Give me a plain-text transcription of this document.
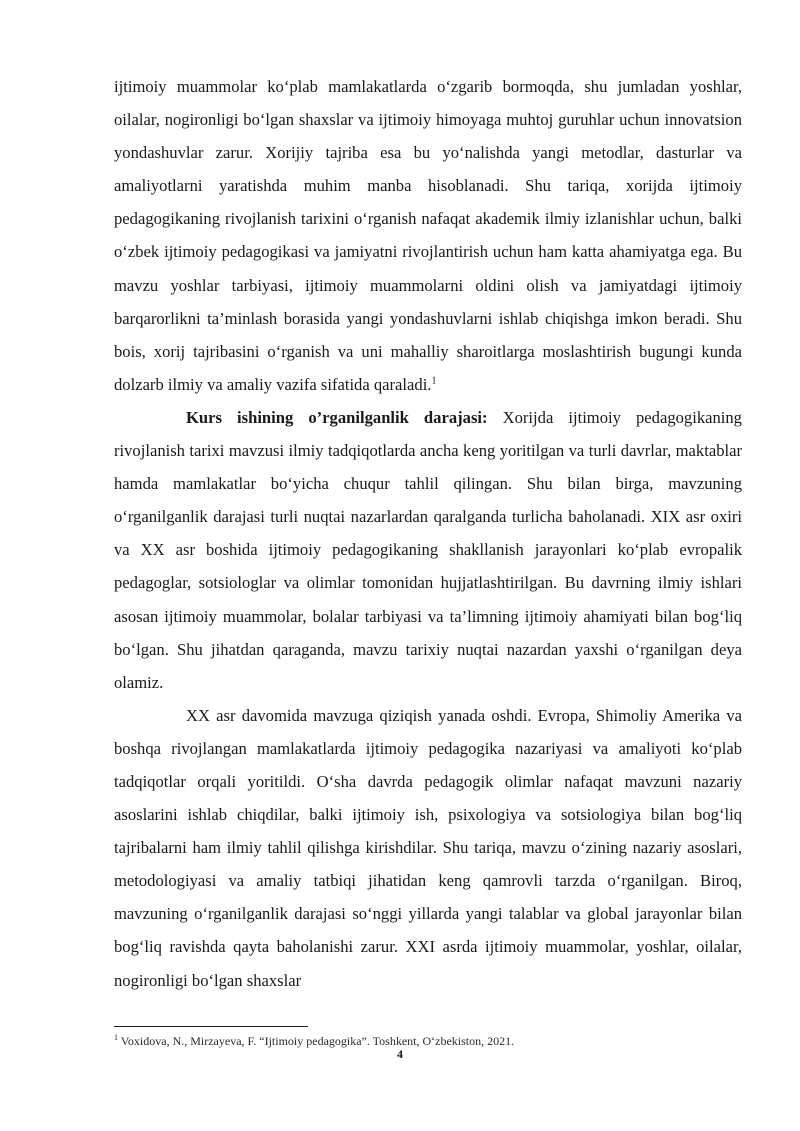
ijtimoiy muammolar ko‘plab mamlakatlarda o‘zgarib bormoqda, shu jumladan yoshlar, oilalar, nogironligi bo‘lgan shaxslar va ijtimoiy himoyaga muhtoj guruhlar uchun innovatsion yondashuvlar zarur. Xorijiy tajriba esa bu yo‘nalishda yangi metodlar, dasturlar va amaliyotlarni yaratishda muhim manba hisoblanadi. Shu tariqa, xorijda ijtimoiy pedagogikaning rivojlanish tarixini o‘rganish nafaqat akademik ilmiy izlanishlar uchun, balki o‘zbek ijtimoiy pedagogikasi va jamiyatni rivojlantirish uchun ham katta ahamiyatga ega. Bu mavzu yoshlar tarbiyasi, ijtimoiy muammolarni oldini olish va jamiyatdagi ijtimoiy barqarorlikni ta’minlash borasida yangi yondashuvlarni ishlab chiqishga imkon beradi. Shu bois, xorij tajribasini o‘rganish va uni mahalliy sharoitlarga moslashtirish bugungi kunda dolzarb ilmiy va amaliy vazifa sifatida qaraladi.$^1$

Kurs ishining o’rganilganlik darajasi: Xorijda ijtimoiy pedagogikaning rivojlanish tarixi mavzusi ilmiy tadqiqotlarda ancha keng yoritilgan va turli davrlar, maktablar hamda mamlakatlar bo‘yicha chuqur tahlil qilingan. Shu bilan birga, mavzuning o‘rganilganlik darajasi turli nuqtai nazarlardan qaralganda turlicha baholanadi. XIX asr oxiri va XX asr boshida ijtimoiy pedagogikaning shakllanish jarayonlari ko‘plab evropalik pedagoglar, sotsiologlar va olimlar tomonidan hujjatlashtirilgan. Bu davrning ilmiy ishlari asosan ijtimoiy muammolar, bolalar tarbiyasi va ta’limning ijtimoiy ahamiyati bilan bog‘liq bo‘lgan. Shu jihatdan qaraganda, mavzu tarixiy nuqtai nazardan yaxshi o‘rganilgan deya olamiz.

XX asr davomida mavzuga qiziqish yanada oshdi. Evropa, Shimoliy Amerika va boshqa rivojlangan mamlakatlarda ijtimoiy pedagogika nazariyasi va amaliyoti ko‘plab tadqiqotlar orqali yoritildi. O‘sha davrda pedagogik olimlar nafaqat mavzuni nazariy asoslarini ishlab chiqdilar, balki ijtimoiy ish, psixologiya va sotsiologiya bilan bog‘liq tajribalarni ham ilmiy tahlil qilishga kirishdilar. Shu tariqa, mavzu o‘zining nazariy asoslari, metodologiyasi va amaliy tatbiqi jihatidan keng qamrovli tarzda o‘rganilgan. Biroq, mavzuning o‘rganilganlik darajasi so‘nggi yillarda yangi talablar va global jarayonlar bilan bog‘liq ravishda qayta baholanishi zarur. XXI asrda ijtimoiy muammolar, yoshlar, oilalar, nogironligi bo‘lgan shaxslar

$^1$ Voxidova, N., Mirzayeva, F. “Ijtimoiy pedagogika”. Toshkent, O‘zbekiston, 2021.
4
